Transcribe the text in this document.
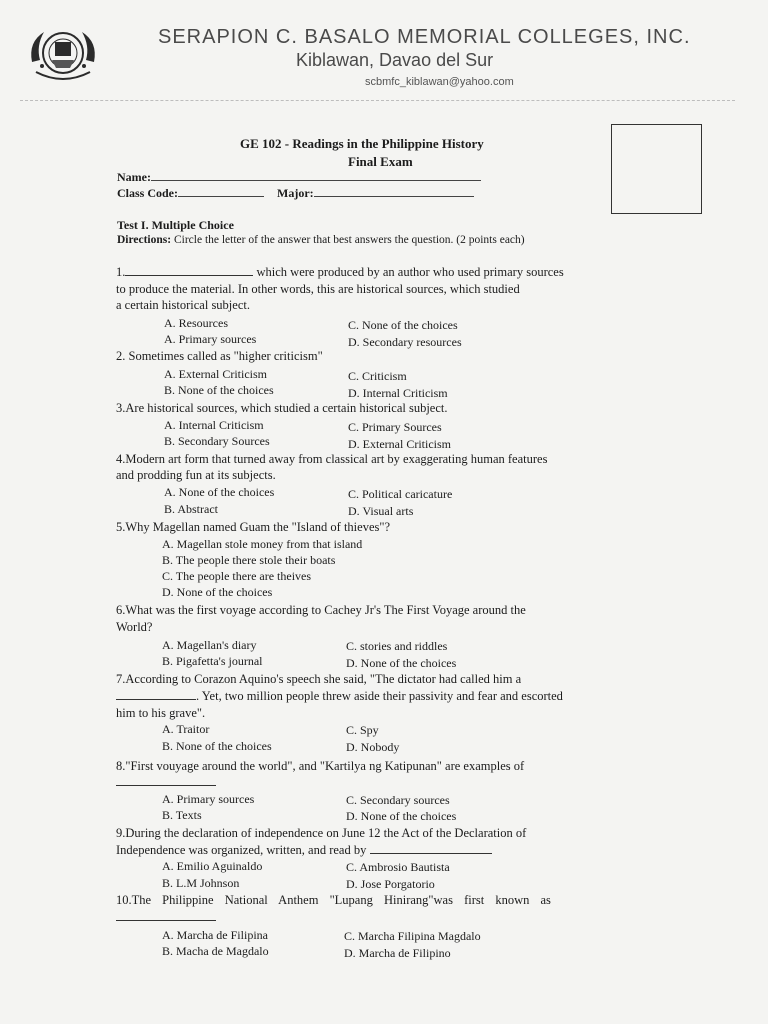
SERAPION C. BASALO MEMORIAL COLLEGES, INC.
Kiblawan, Davao del Sur
scbmfc_kiblawan@yahoo.com
GE 102 - Readings in the Philippine History
Final Exam
Name:
Class Code:	Major:
Test I. Multiple Choice
Directions: Circle the letter of the answer that best answers the question. (2 points each)
1.	which were produced by an author who used primary sources
to produce the material. In other words, this are historical sources, which studied
a certain historical subject.
A. Resources	C. None of the choices
A. Primary sources	D. Secondary resources
2. Sometimes called as "higher criticism"
A. External Criticism	C. Criticism
B. None of the choices	D. Internal Criticism
3.Are historical sources, which studied a certain historical subject.
A. Internal Criticism	C. Primary Sources
B. Secondary Sources	D. External Criticism
4.Modern art form that turned away from classical art by exaggerating human features
and prodding fun at its subjects.
A. None of the choices	C. Political caricature
B. Abstract	D. Visual arts
5.Why Magellan named Guam the "Island of thieves"?
A. Magellan stole money from that island
B. The people there stole their boats
C. The people there are theives
D. None of the choices
6.What was the first voyage according to Cachey Jr's The First Voyage around the
World?
A. Magellan's diary	C. stories and riddles
B. Pigafetta's journal	D. None of the choices
7.According to Corazon Aquino's speech she said, "The dictator had called him a
. Yet, two million people threw aside their passivity and fear and escorted
him to his grave".
A. Traitor	C. Spy
B. None of the choices	D. Nobody
8."First vouyage around the world", and "Kartilya ng Katipunan" are examples of
A. Primary sources	C. Secondary sources
B. Texts	D. None of the choices
9.During the declaration of independence on June 12 the Act of the Declaration of
Independence was organized, written, and read by
A. Emilio Aguinaldo	C. Ambrosio Bautista
B. L.M Johnson	D. Jose Porgatorio
10.The Philippine National Anthem "Lupang Hinirang"was first known as
A. Marcha de Filipina	C. Marcha Filipina Magdalo
B. Macha de Magdalo	D. Marcha de Filipino
